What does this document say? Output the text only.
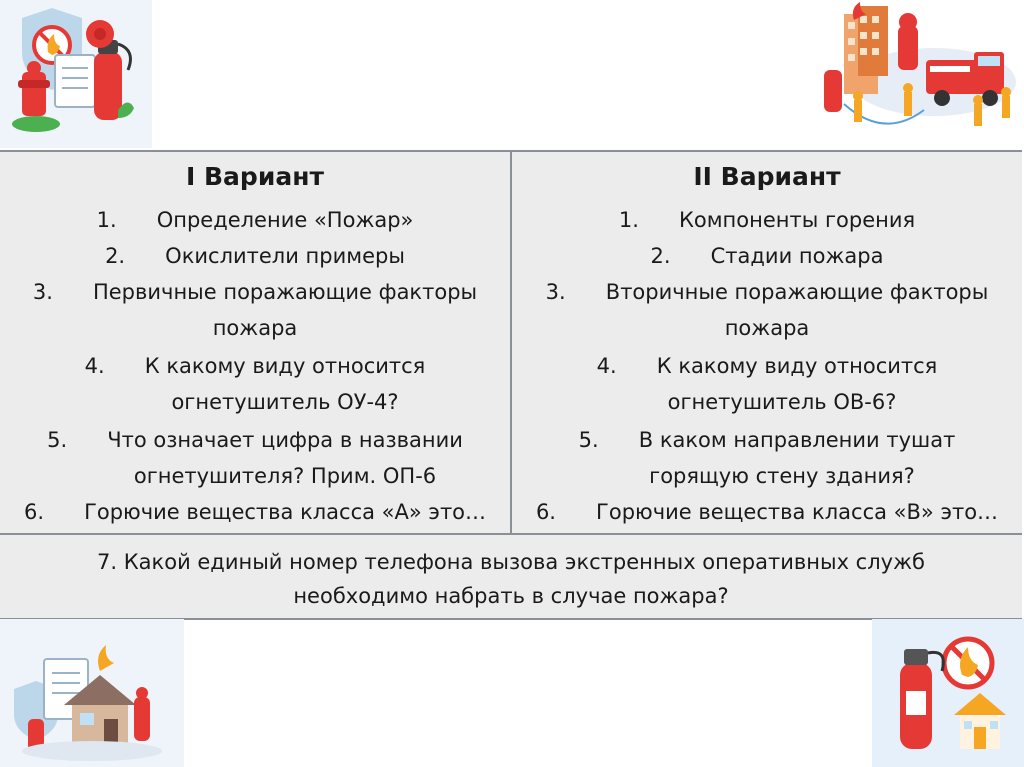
I Вариант
1. Определение «Пожар»
2. Окислители примеры
3. Первичные поражающие факторы
пожара
4. К какому виду относится
огнетушитель ОУ-4?
5. Что означает цифра в названии
огнетушителя? Прим. ОП-6
6. Горючие вещества класса «А» это…
II Вариант
1. Компоненты горения
2. Стадии пожара
3. Вторичные поражающие факторы
пожара
4. К какому виду относится
огнетушитель ОВ-6?
5. В каком направлении тушат
горящую стену здания?
6. Горючие вещества класса «В» это…
7. Какой единый номер телефона вызова экстренных оперативных служб
необходимо набрать в случае пожара?
